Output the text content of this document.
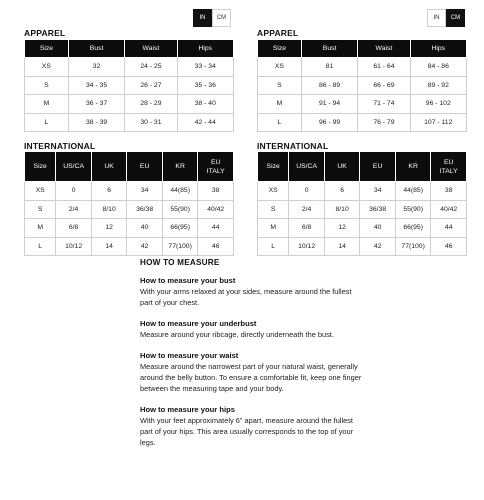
IN	CM	IN	CM
APPAREL	APPAREL
Size	Bust	Waist	Hips
XS	32	24 - 25	33 - 34
S	34 - 35	26 - 27	35 - 36
M	36 - 37	28 - 29	38 - 40
L	38 - 39	30 - 31	42 - 44
Size	Bust	Waist	Hips
XS	81	61 - 64	84 - 86
S	86 - 89	66 - 69	89 - 92
M	91 - 94	71 - 74	96 - 102
L	96 - 99	76 - 79	107 - 112
INTERNATIONAL	INTERNATIONAL
Size	US/CA	UK	EU	KR	EU ITALY
XS	0	6	34	44(85)	38
S	2/4	8/10	36/38	55(90)	40/42
M	6/8	12	40	66(95)	44
L	10/12	14	42	77(100)	46
Size	US/CA	UK	EU	KR	EU ITALY
XS	0	6	34	44(85)	38
S	2/4	8/10	36/38	55(90)	40/42
M	6/8	12	40	66(95)	44
L	10/12	14	42	77(100)	46
HOW TO MEASURE
How to measure your bust
With your arms relaxed at your sides, measure around the fullest part of your chest.
How to measure your underbust
Measure around your ribcage, directly underneath the bust.
How to measure your waist
Measure around the narrowest part of your natural waist, generally around the belly button. To ensure a comfortable fit, keep one finger between the measuring tape and your body.
How to measure your hips
With your feet approximately 6" apart, measure around the fullest part of your hips. This area usually corresponds to the top of your legs.
